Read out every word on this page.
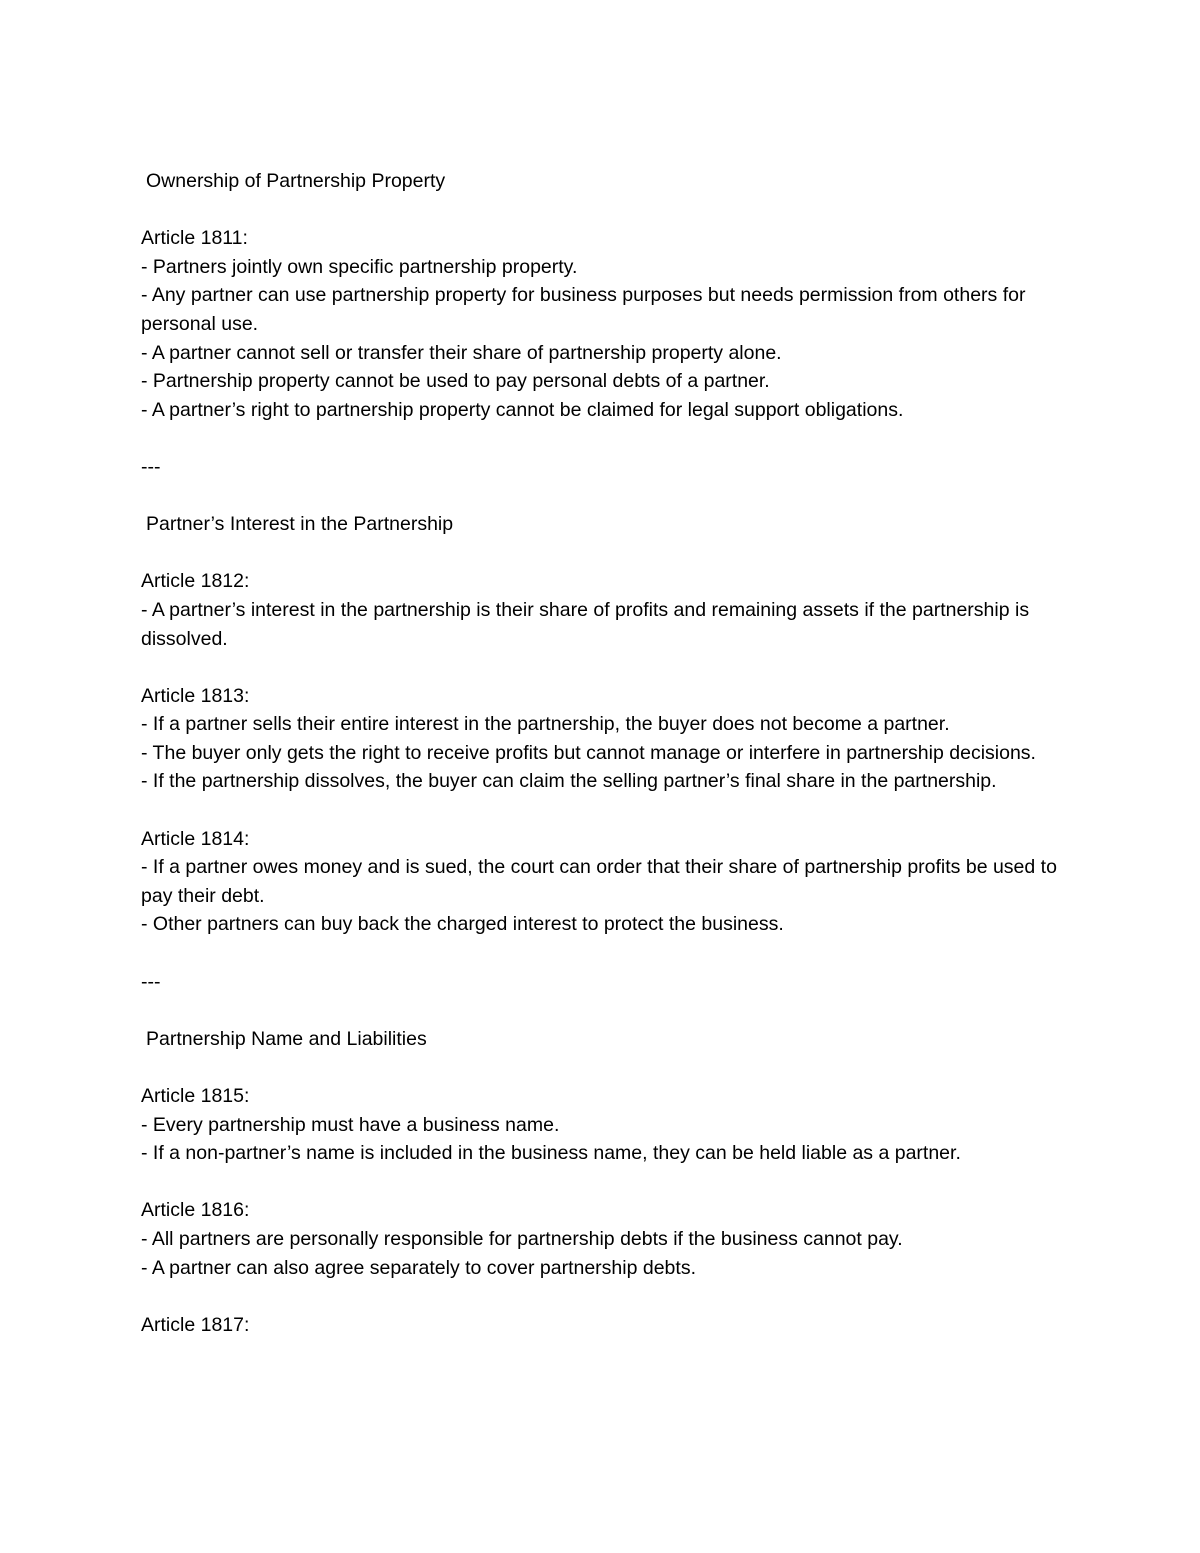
Ownership of Partnership Property
Article 1811:
- Partners jointly own specific partnership property.
- Any partner can use partnership property for business purposes but needs permission from others for personal use.
- A partner cannot sell or transfer their share of partnership property alone.
- Partnership property cannot be used to pay personal debts of a partner.
- A partner’s right to partnership property cannot be claimed for legal support obligations.
---
Partner’s Interest in the Partnership
Article 1812:
- A partner’s interest in the partnership is their share of profits and remaining assets if the partnership is dissolved.
Article 1813:
- If a partner sells their entire interest in the partnership, the buyer does not become a partner.
- The buyer only gets the right to receive profits but cannot manage or interfere in partnership decisions.
- If the partnership dissolves, the buyer can claim the selling partner’s final share in the partnership.
Article 1814:
- If a partner owes money and is sued, the court can order that their share of partnership profits be used to pay their debt.
- Other partners can buy back the charged interest to protect the business.
---
Partnership Name and Liabilities
Article 1815:
- Every partnership must have a business name.
- If a non-partner’s name is included in the business name, they can be held liable as a partner.
Article 1816:
- All partners are personally responsible for partnership debts if the business cannot pay.
- A partner can also agree separately to cover partnership debts.
Article 1817:
